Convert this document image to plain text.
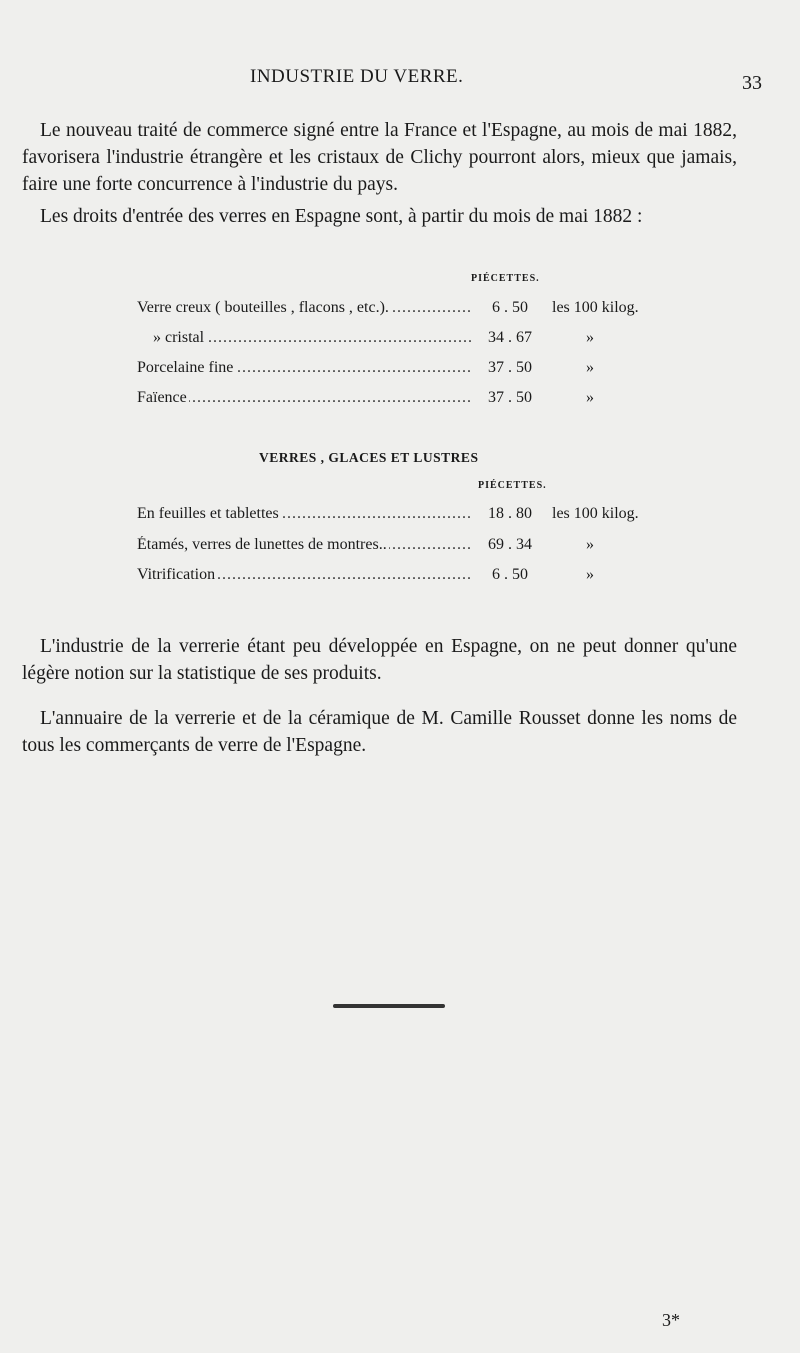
INDUSTRIE DU VERRE.	33

Le nouveau traité de commerce signé entre la France et l'Espagne, au mois de mai 1882, favorisera l'industrie étrangère et les cristaux de Clichy pourront alors, mieux que jamais, faire une forte concurrence à l'industrie du pays.

Les droits d'entrée des verres en Espagne sont, à partir du mois de mai 1882 :

PIÉCETTES.
Verre creux ( bouteilles , flacons , etc.). .....	6 . 50	les 100 kilog.
» cristal .....	34 . 67	»
Porcelaine fine .....	37 . 50	»
Faïence .....	37 . 50	»
VERRES , GLACES ET LUSTRES
PIÉCETTES.
En feuilles et tablettes .....	18 . 80	les 100 kilog.
Étamés, verres de lunettes de montres.. .....	69 . 34	»
Vitrification .....	6 . 50	»

L'industrie de la verrerie étant peu développée en Espagne, on ne peut donner qu'une légère notion sur la statistique de ses produits.

L'annuaire de la verrerie et de la céramique de M. Camille Rousset donne les noms de tous les commerçants de verre de l'Espagne.

3*
